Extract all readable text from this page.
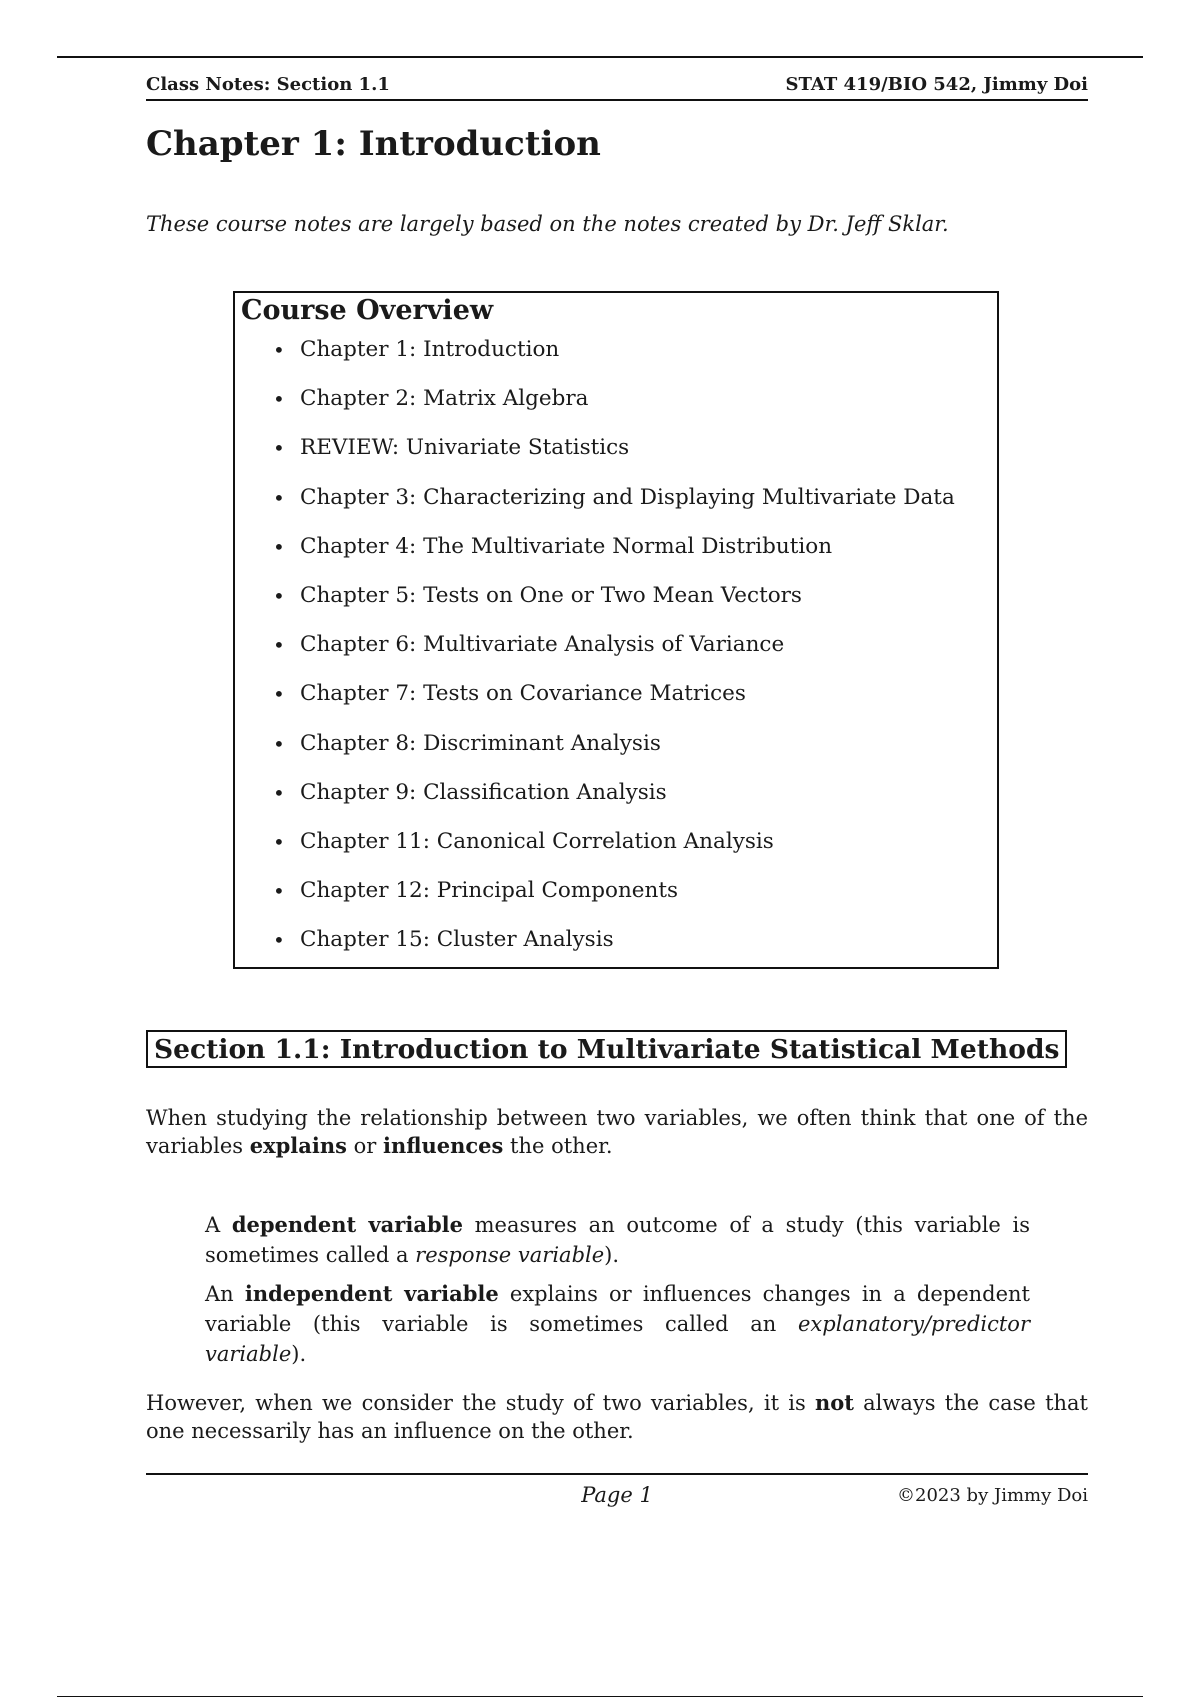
Class Notes: Section 1.1	STAT 419/BIO 542, Jimmy Doi
Chapter 1: Introduction
These course notes are largely based on the notes created by Dr. Jeff Sklar.
Course Overview
• Chapter 1: Introduction
• Chapter 2: Matrix Algebra
• REVIEW: Univariate Statistics
• Chapter 3: Characterizing and Displaying Multivariate Data
• Chapter 4: The Multivariate Normal Distribution
• Chapter 5: Tests on One or Two Mean Vectors
• Chapter 6: Multivariate Analysis of Variance
• Chapter 7: Tests on Covariance Matrices
• Chapter 8: Discriminant Analysis
• Chapter 9: Classification Analysis
• Chapter 11: Canonical Correlation Analysis
• Chapter 12: Principal Components
• Chapter 15: Cluster Analysis
Section 1.1: Introduction to Multivariate Statistical Methods

When studying the relationship between two variables, we often think that one of the variables explains or influences the other.

A dependent variable measures an outcome of a study (this variable is sometimes called a response variable).

An independent variable explains or influences changes in a dependent variable (this variable is sometimes called an explanatory/predictor variable).

However, when we consider the study of two variables, it is not always the case that one necessarily has an influence on the other.

Page 1	©2023 by Jimmy Doi
